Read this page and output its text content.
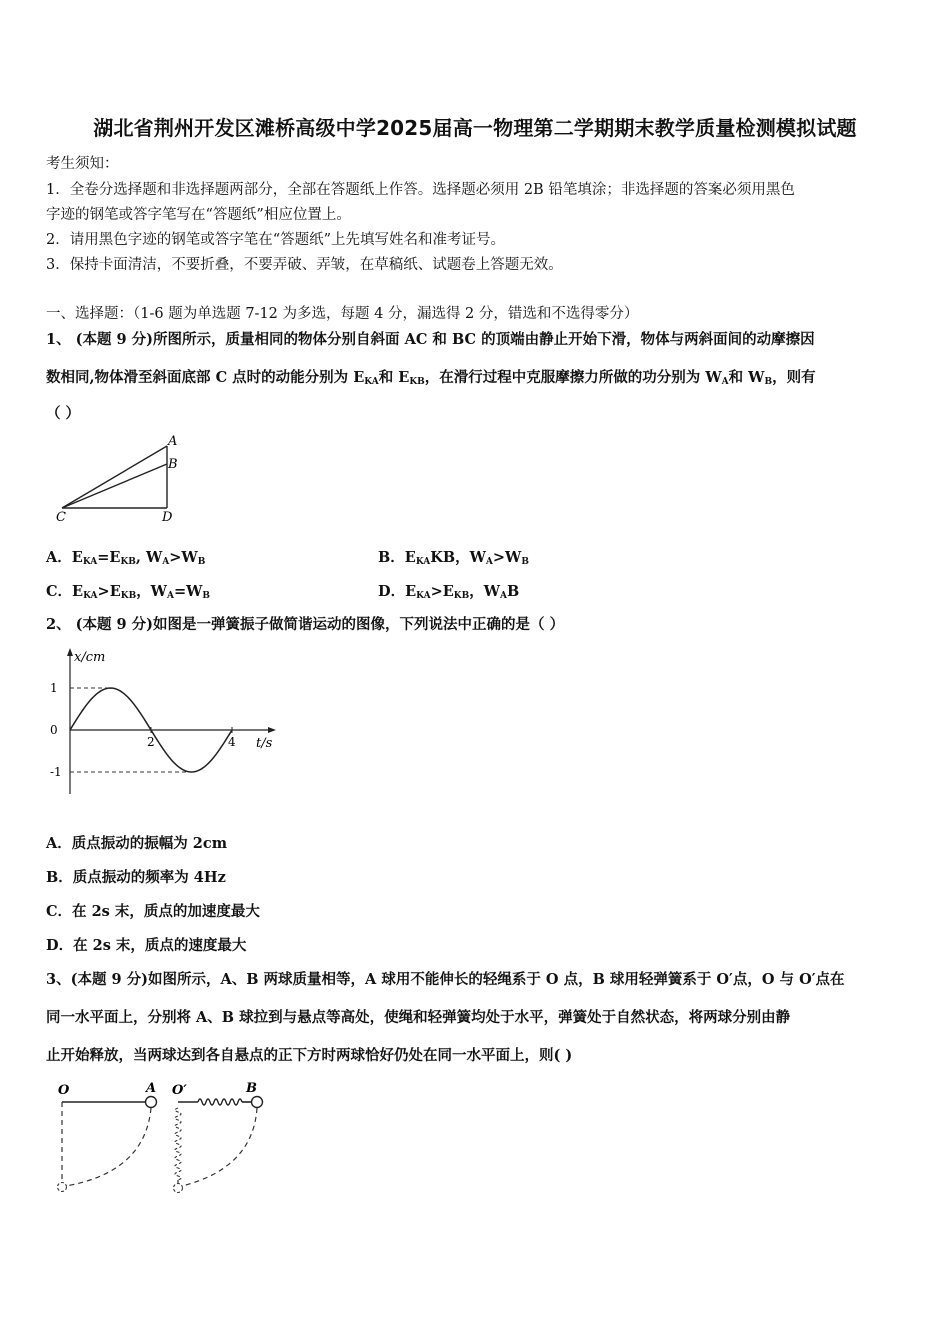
湖北省荆州开发区滩桥高级中学2025届高一物理第二学期期末教学质量检测模拟试题
考生须知：
1．全卷分选择题和非选择题两部分，全部在答题纸上作答。选择题必须用 2B 铅笔填涂；非选择题的答案必须用黑色
字迹的钢笔或答字笔写在“答题纸”相应位置上。
2．请用黑色字迹的钢笔或答字笔在“答题纸”上先填写姓名和准考证号。
3．保持卡面清洁，不要折叠，不要弄破、弄皱，在草稿纸、试题卷上答题无效。
一、选择题：（1-6 题为单选题 7-12 为多选，每题 4 分，漏选得 2 分，错选和不选得零分）
1、 (本题 9 分)所图所示，质量相同的物体分别自斜面 AC 和 BC 的顶端由静止开始下滑，物体与两斜面间的动摩擦因
数相同,物体滑至斜面底部 C 点时的动能分别为 $E_{KA}$和 $E_{KB}$，在滑行过程中克服摩擦力所做的功分别为 $W_A$和 $W_B$，则有
（ ）
A
B
C	D
A．$E_{KA}=E_{KB}$, $W_A>W_B$	B．$E_{KA}KB$，$W_A>W_B$
C．$E_{KA}>E_{KB}$，$W_A=W_B$	D．$E_{KA}>E_{KB}$，$W_AB$
2、 (本题 9 分)如图是一弹簧振子做简谐运动的图像，下列说法中正确的是（ ）
x/cm
t/s
1
0
-1
2	4
A．质点振动的振幅为 2cm
B．质点振动的频率为 4Hz
C．在 2s 末，质点的加速度最大
D．在 2s 末，质点的速度最大
3、(本题 9 分)如图所示，A、B 两球质量相等，A 球用不能伸长的轻绳系于 O 点，B 球用轻弹簧系于 O′点，O 与 O′点在
同一水平面上，分别将 A、B 球拉到与悬点等高处，使绳和轻弹簧均处于水平，弹簧处于自然状态，将两球分别由静
止开始释放，当两球达到各自悬点的正下方时两球恰好仍处在同一水平面上，则( )
O	A O′	B
